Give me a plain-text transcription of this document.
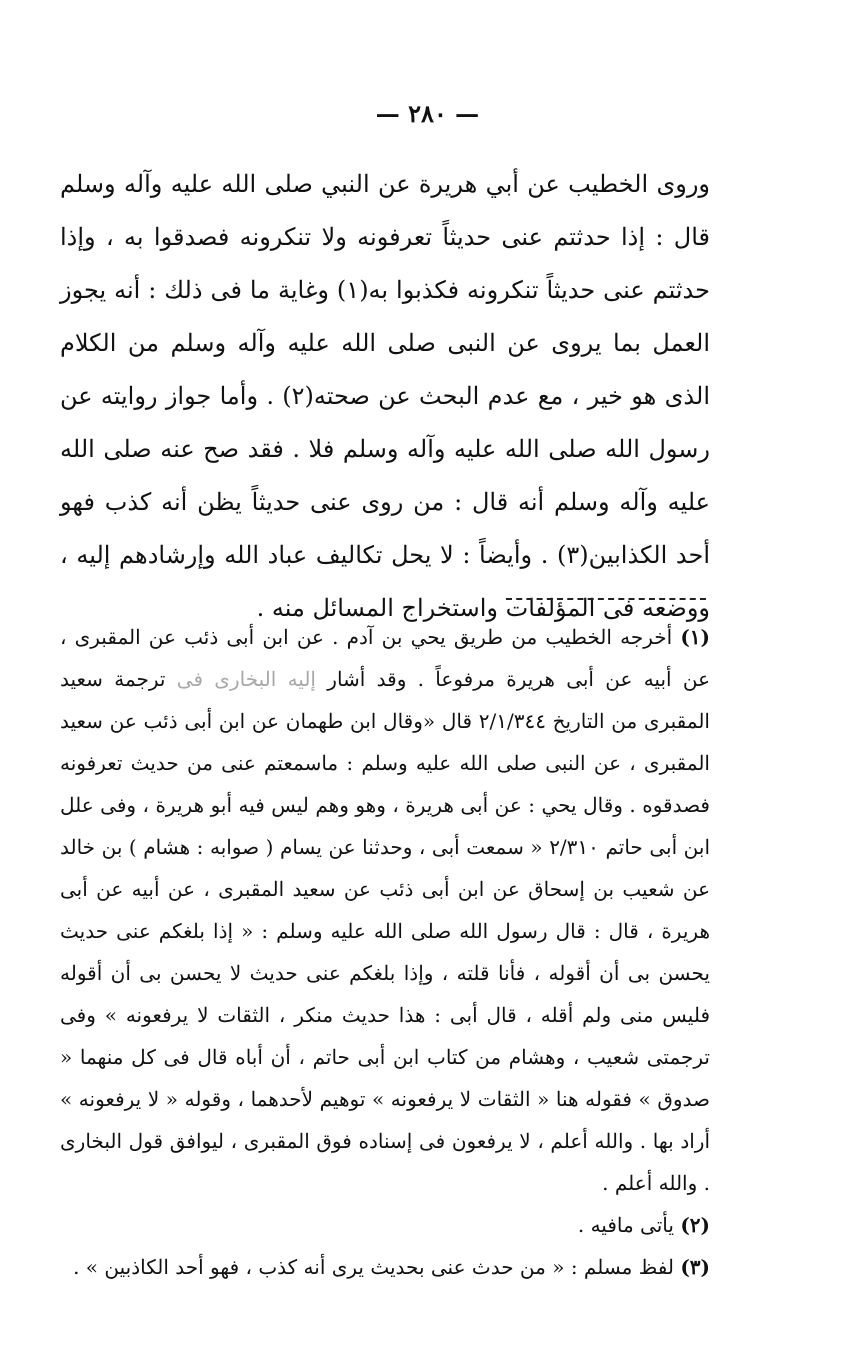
— ٢٨٠ —

وروى الخطيب عن أبي هريرة عن النبي صلى الله عليه وآله وسلم قال : إذا حدثتم عنى حديثاً تعرفونه ولا تنكرونه فصدقوا به ، وإذا حدثتم عنى حديثاً تنكرونه فكذبوا به(١) وغاية ما فى ذلك : أنه يجوز العمل بما يروى عن النبى صلى الله عليه وآله وسلم من الكلام الذى هو خير ، مع عدم البحث عن صحته(٢) . وأما جواز روايته عن رسول الله صلى الله عليه وآله وسلم فلا . فقد صح عنه صلى الله عليه وآله وسلم أنه قال : من روى عنى حديثاً يظن أنه كذب فهو أحد الكذابين(٣) . وأيضاً : لا يحل تكاليف عباد الله وإرشادهم إليه ، ووضعه فى المؤلفات واستخراج المسائل منه .

(١) أخرجه الخطيب من طريق يحي بن آدم . عن ابن أبى ذئب عن المقبرى ، عن أبيه عن أبى هريرة مرفوعاً . وقد أشار إليه البخارى فى ترجمة سعيد المقبرى من التاريخ ٢/١/٣٤٤ قال «وقال ابن طهمان عن ابن أبى ذئب عن سعيد المقبرى ، عن النبى صلى الله عليه وسلم : ماسمعتم عنى من حديث تعرفونه فصدقوه . وقال يحي : عن أبى هريرة ، وهو وهم ليس فيه أبو هريرة ، وفى علل ابن أبى حاتم ٢/٣١٠ « سمعت أبى ، وحدثنا عن يسام ( صوابه : هشام ) بن خالد عن شعيب بن إسحاق عن ابن أبى ذئب عن سعيد المقبرى ، عن أبيه عن أبى هريرة ، قال : قال رسول الله صلى الله عليه وسلم : « إذا بلغكم عنى حديث يحسن بى أن أقوله ، فأنا قلته ، وإذا بلغكم عنى حديث لا يحسن بى أن أقوله فليس منى ولم أقله ، قال أبى : هذا حديث منكر ، الثقات لا يرفعونه » وفى ترجمتى شعيب ، وهشام من كتاب ابن أبى حاتم ، أن أباه قال فى كل منهما « صدوق » فقوله هنا « الثقات لا يرفعونه » توهيم لأحدهما ، وقوله « لا يرفعونه » أراد بها . والله أعلم ، لا يرفعون فى إسناده فوق المقبرى ، ليوافق قول البخارى . والله أعلم .

(٢) يأتى مافيه .

(٣) لفظ مسلم : « من حدث عنى بحديث يرى أنه كذب ، فهو أحد الكاذبين » .
